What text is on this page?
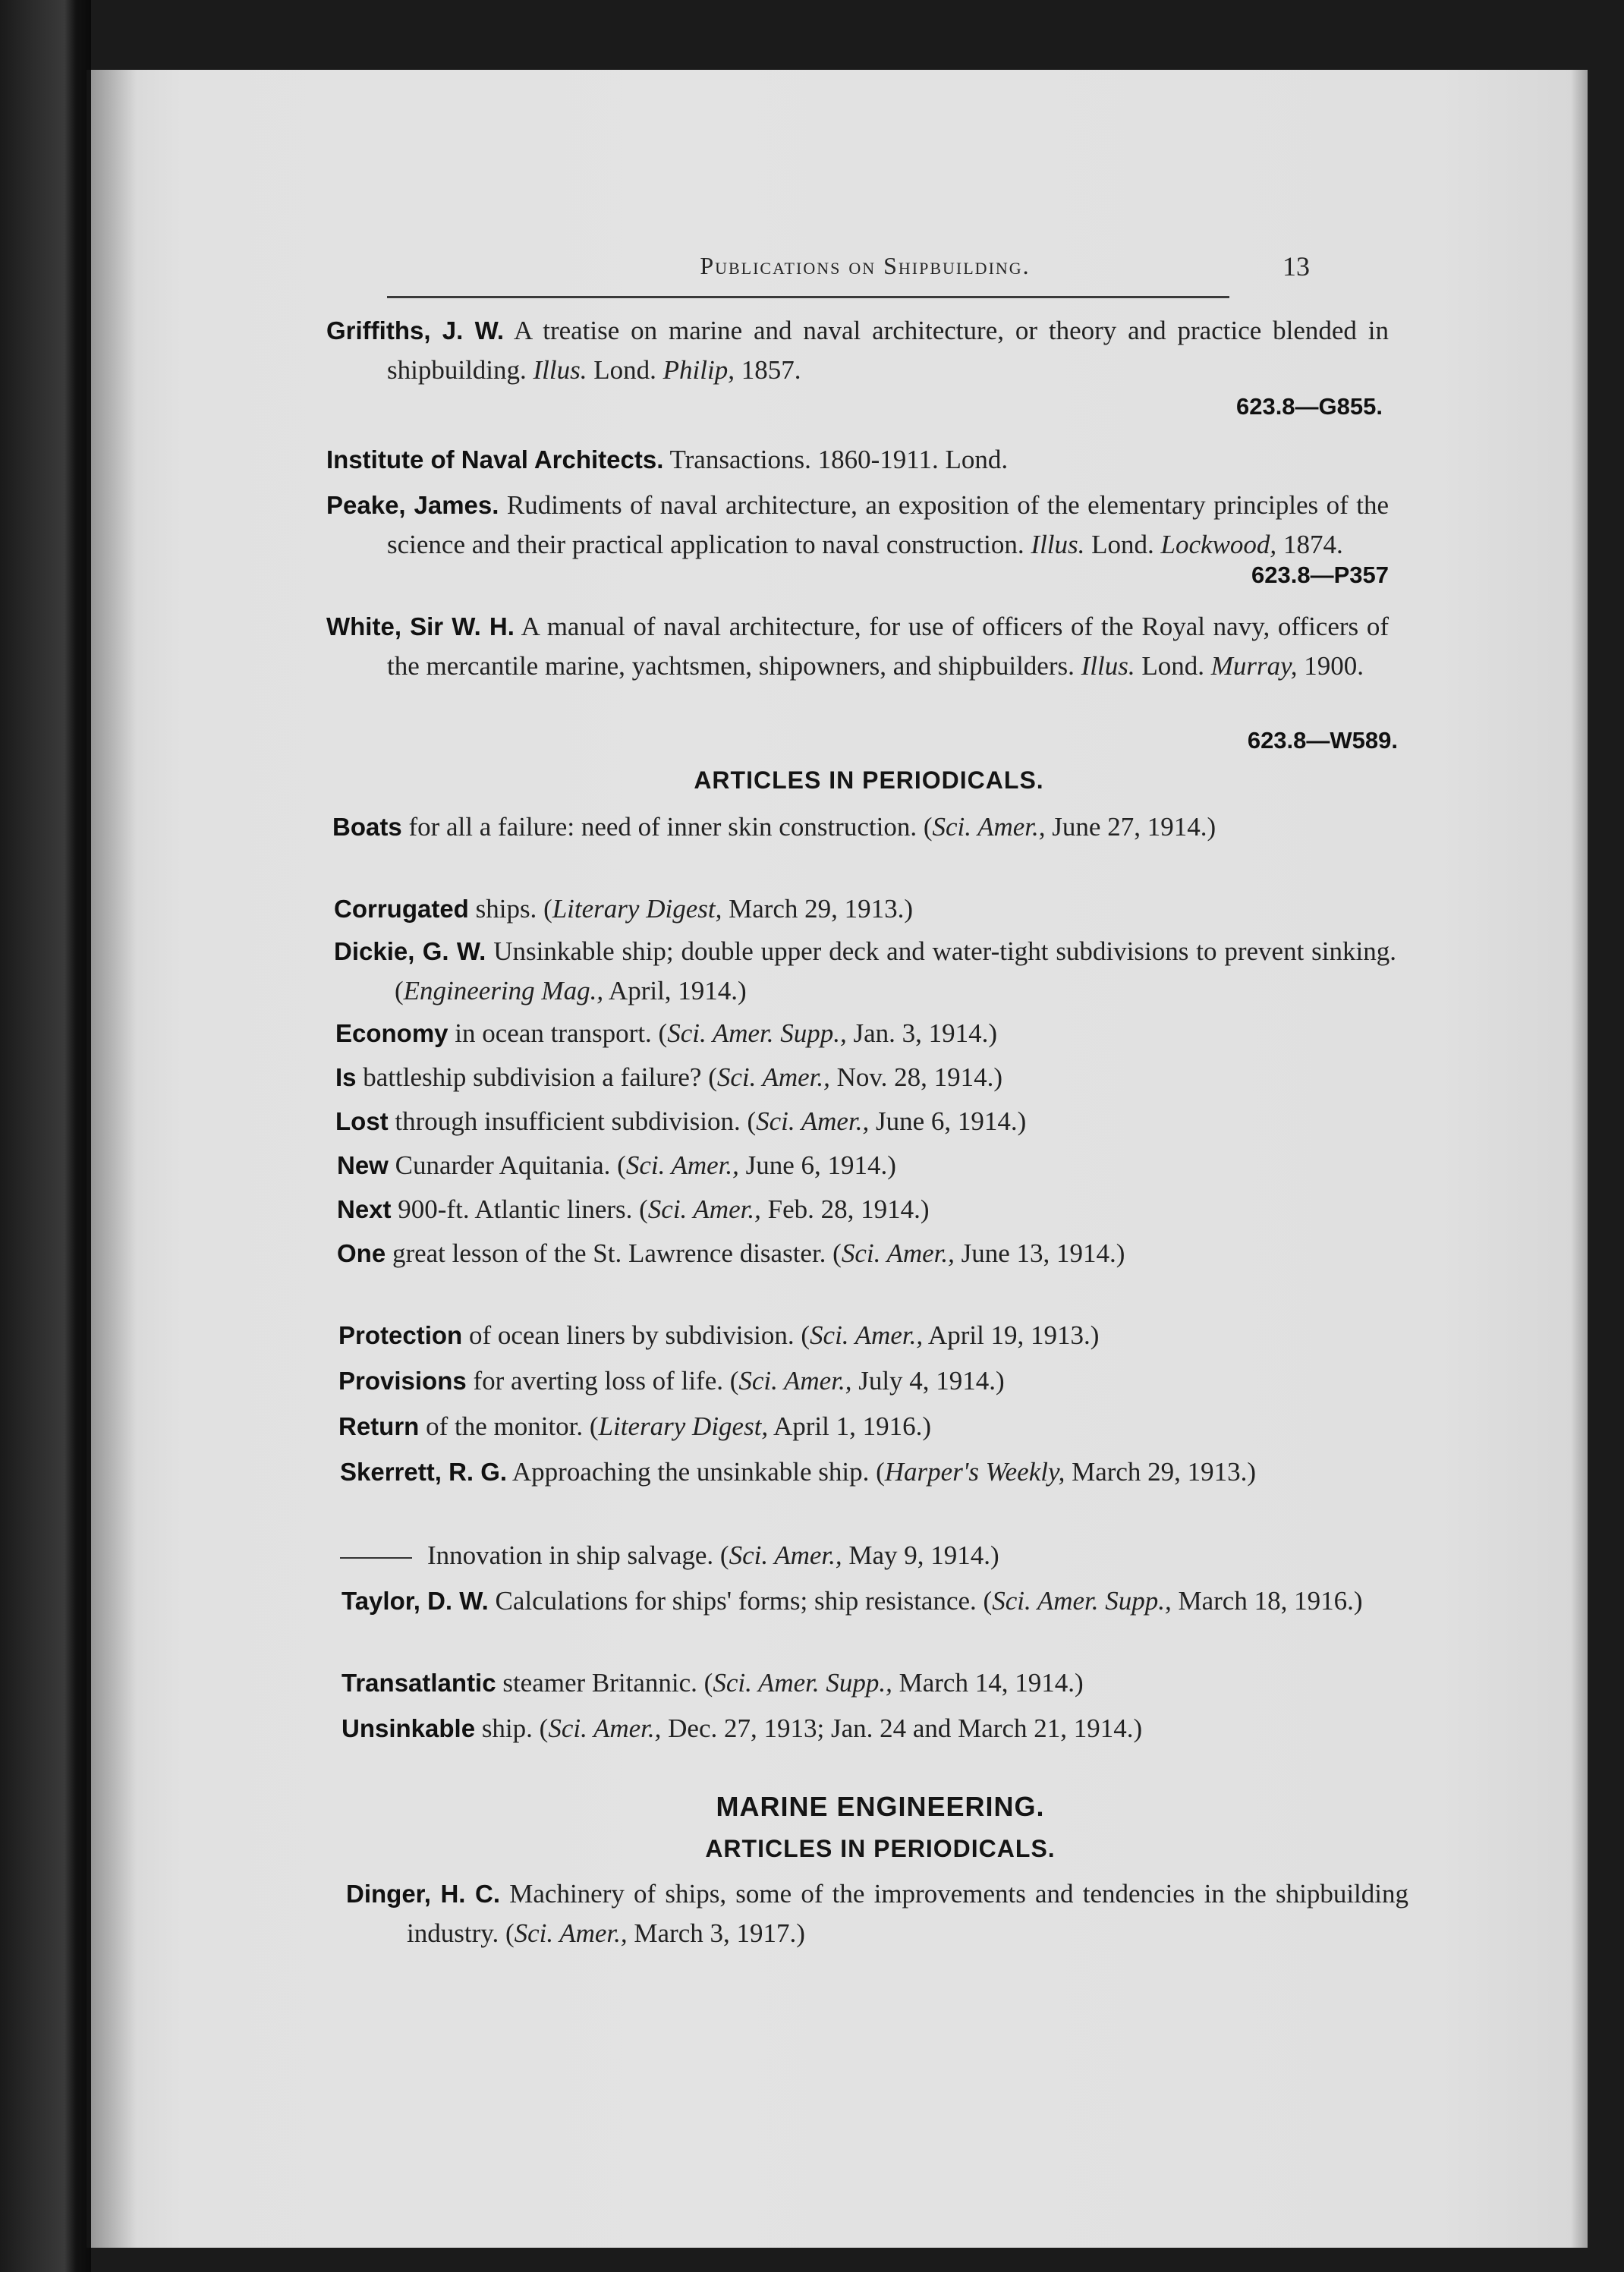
Publications on Shipbuilding.	13
Griffiths, J. W. A treatise on marine and naval architecture, or theory and practice blended in shipbuilding. Illus. Lond. Philip, 1857.
623.8—G855.
Institute of Naval Architects. Transactions. 1860-1911. Lond.
Peake, James. Rudiments of naval architecture, an exposition of the elementary principles of the science and their practical application to naval construction. Illus. Lond. Lockwood, 1874.
623.8—P357
White, Sir W. H. A manual of naval architecture, for use of officers of the Royal navy, officers of the mercantile marine, yachtsmen, shipowners, and shipbuilders. Illus. Lond. Murray, 1900.
623.8—W589.
ARTICLES IN PERIODICALS.
Boats for all a failure: need of inner skin construction. (Sci. Amer., June 27, 1914.)
Corrugated ships. (Literary Digest, March 29, 1913.)
Dickie, G. W. Unsinkable ship; double upper deck and water-tight subdivisions to prevent sinking. (Engineering Mag., April, 1914.)
Economy in ocean transport. (Sci. Amer. Supp., Jan. 3, 1914.)
Is battleship subdivision a failure? (Sci. Amer., Nov. 28, 1914.)
Lost through insufficient subdivision. (Sci. Amer., June 6, 1914.)
New Cunarder Aquitania. (Sci. Amer., June 6, 1914.)
Next 900-ft. Atlantic liners. (Sci. Amer., Feb. 28, 1914.)
One great lesson of the St. Lawrence disaster. (Sci. Amer., June 13, 1914.)
Protection of ocean liners by subdivision. (Sci. Amer., April 19, 1913.)
Provisions for averting loss of life. (Sci. Amer., July 4, 1914.)
Return of the monitor. (Literary Digest, April 1, 1916.)
Skerrett, R. G. Approaching the unsinkable ship. (Harper's Weekly, March 29, 1913.)
Innovation in ship salvage. (Sci. Amer., May 9, 1914.)
Taylor, D. W. Calculations for ships' forms; ship resistance. (Sci. Amer. Supp., March 18, 1916.)
Transatlantic steamer Britannic. (Sci. Amer. Supp., March 14, 1914.)
Unsinkable ship. (Sci. Amer., Dec. 27, 1913; Jan. 24 and March 21, 1914.)
MARINE ENGINEERING.
ARTICLES IN PERIODICALS.
Dinger, H. C. Machinery of ships, some of the improvements and tendencies in the shipbuilding industry. (Sci. Amer., March 3, 1917.)
